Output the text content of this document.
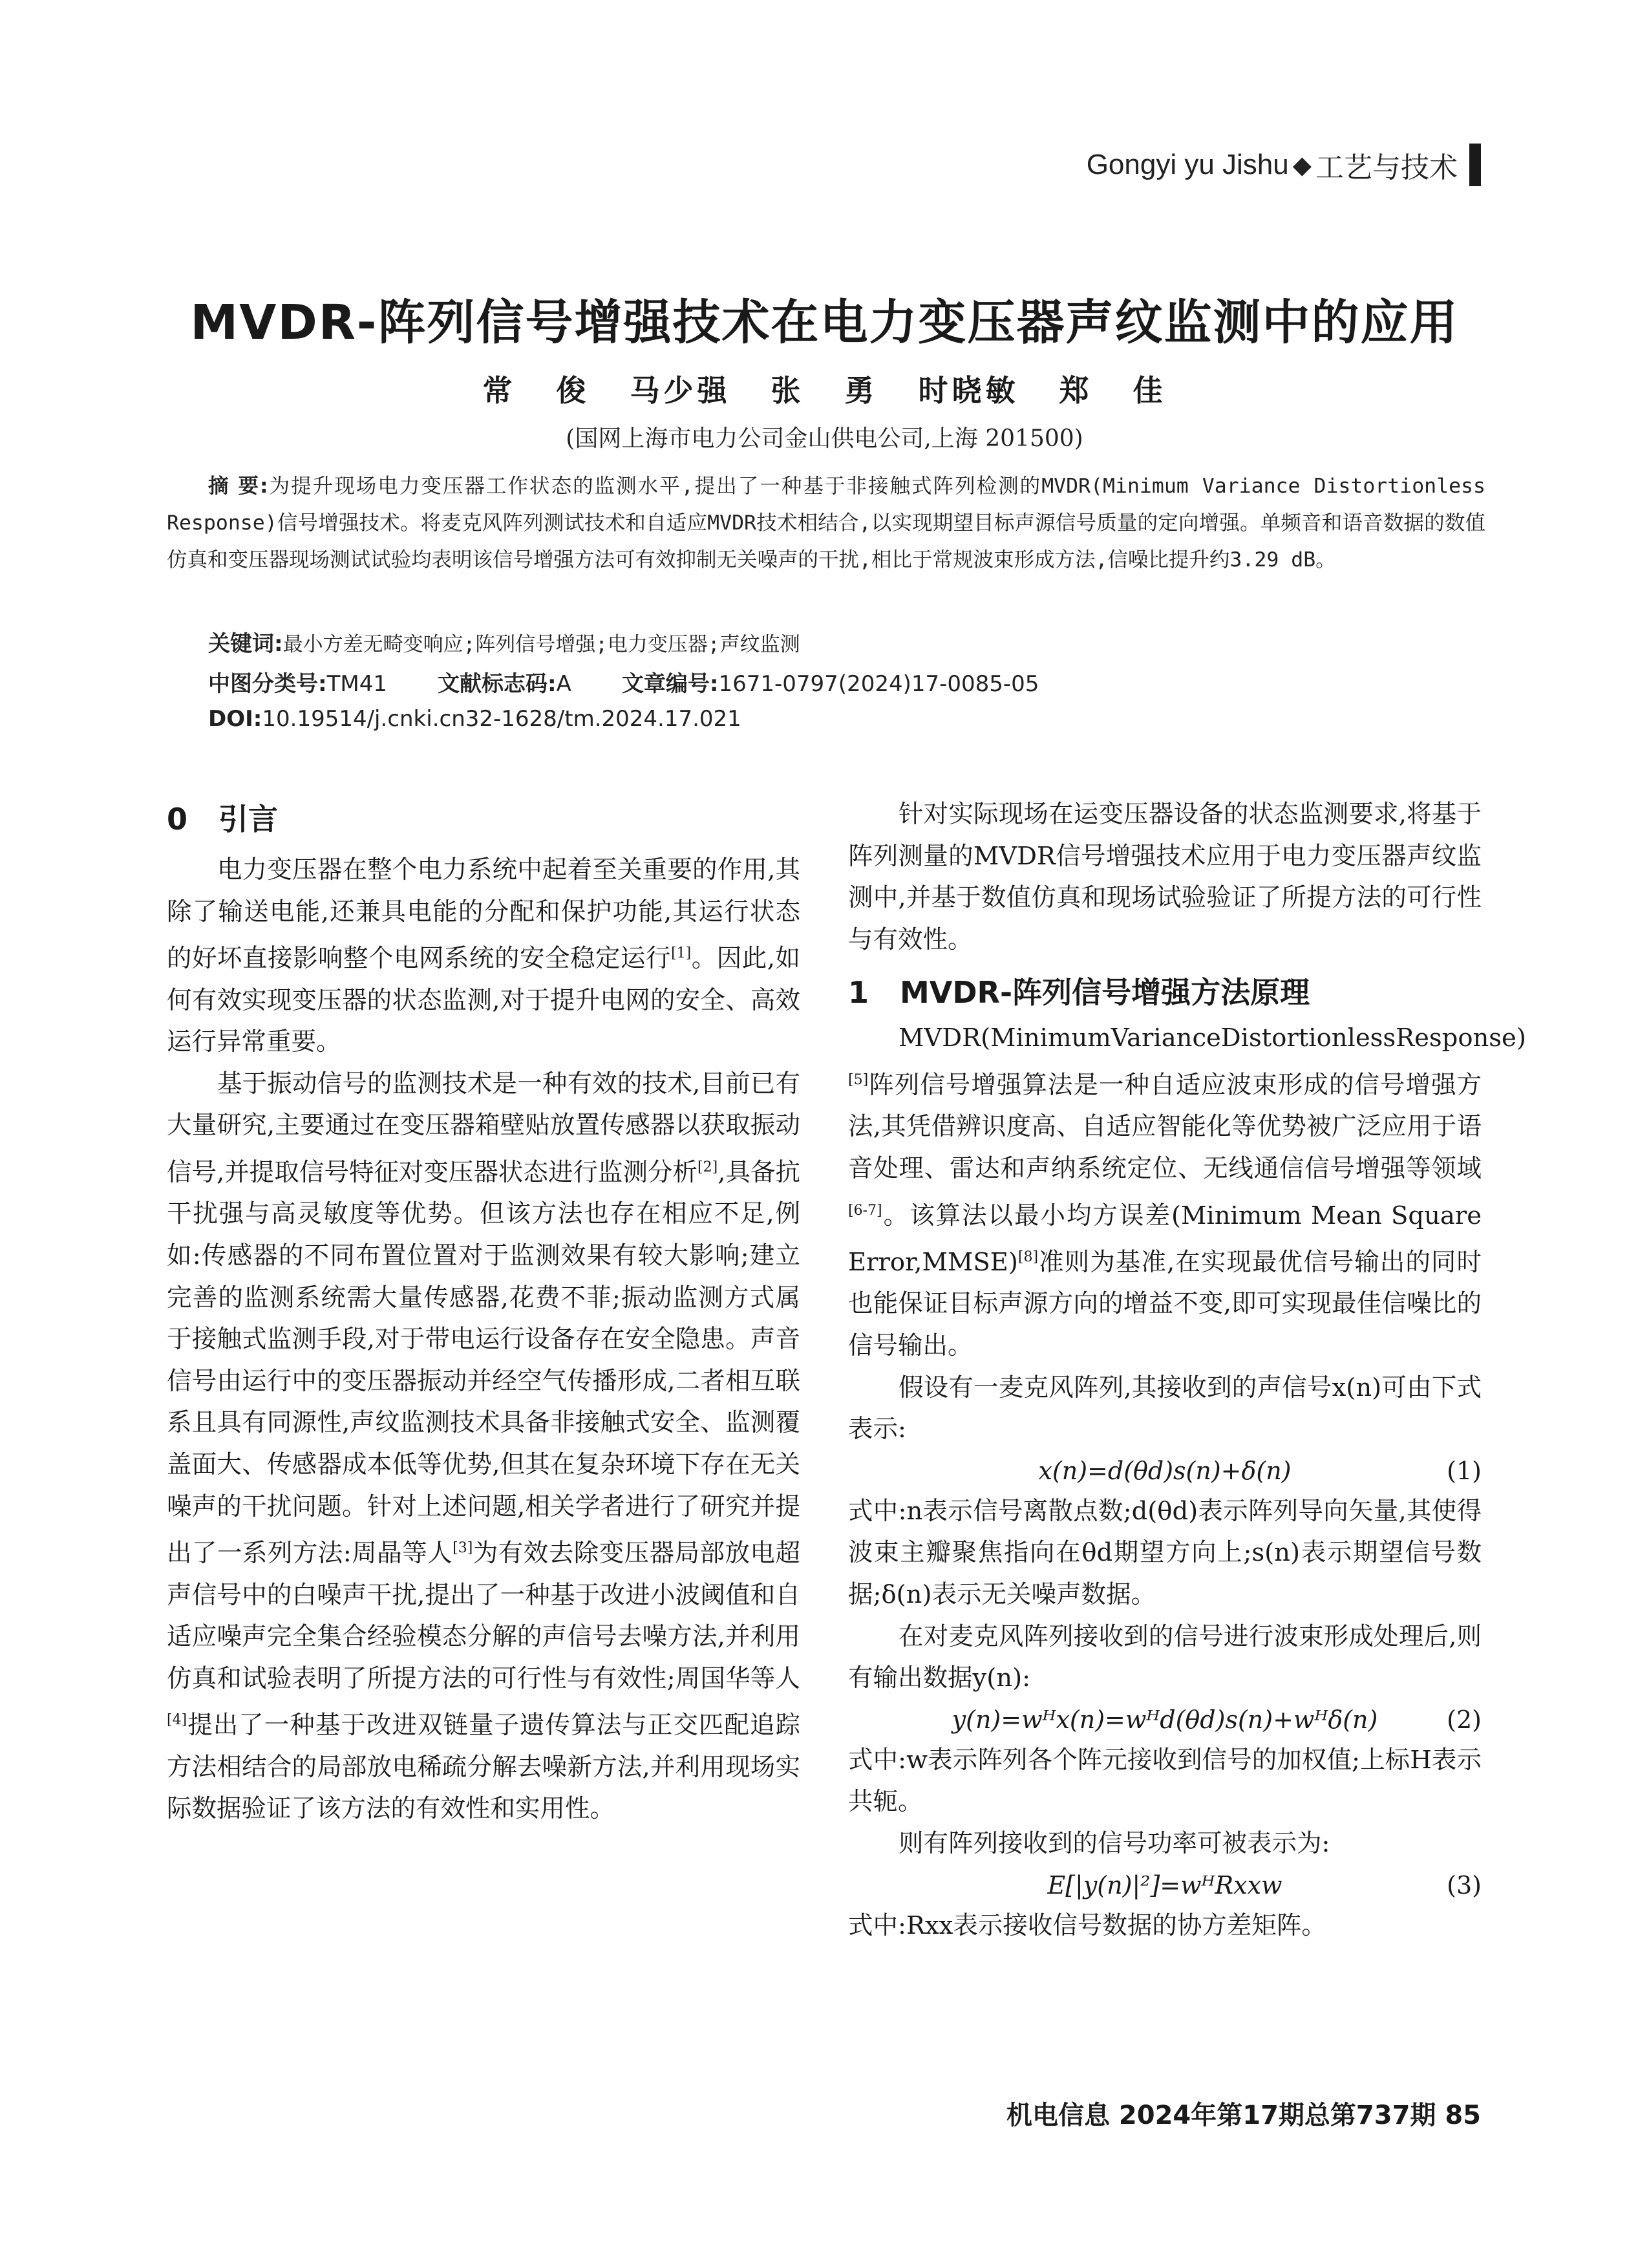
Gongyi yu Jishu ◆ 工艺与技术
MVDR-阵列信号增强技术在电力变压器声纹监测中的应用
常 俊 马少强 张 勇 时晓敏 郑 佳
(国网上海市电力公司金山供电公司,上海 201500)
摘 要:为提升现场电力变压器工作状态的监测水平,提出了一种基于非接触式阵列检测的MVDR(Minimum Variance Distortionless Response)信号增强技术。将麦克风阵列测试技术和自适应MVDR技术相结合,以实现期望目标声源信号质量的定向增强。单频音和语音数据的数值仿真和变压器现场测试试验均表明该信号增强方法可有效抑制无关噪声的干扰,相比于常规波束形成方法,信噪比提升约3.29 dB。
关键词:最小方差无畸变响应;阵列信号增强;电力变压器;声纹监测
中图分类号:TM41 文献标志码:A 文章编号:1671-0797(2024)17-0085-05
DOI:10.19514/j.cnki.cn32-1628/tm.2024.17.021
0 引言

电力变压器在整个电力系统中起着至关重要的作用,其除了输送电能,还兼具电能的分配和保护功能,其运行状态的好坏直接影响整个电网系统的安全稳定运行[1]。因此,如何有效实现变压器的状态监测,对于提升电网的安全、高效运行异常重要。

基于振动信号的监测技术是一种有效的技术,目前已有大量研究,主要通过在变压器箱壁贴放置传感器以获取振动信号,并提取信号特征对变压器状态进行监测分析[2],具备抗干扰强与高灵敏度等优势。但该方法也存在相应不足,例如:传感器的不同布置位置对于监测效果有较大影响;建立完善的监测系统需大量传感器,花费不菲;振动监测方式属于接触式监测手段,对于带电运行设备存在安全隐患。声音信号由运行中的变压器振动并经空气传播形成,二者相互联系且具有同源性,声纹监测技术具备非接触式安全、监测覆盖面大、传感器成本低等优势,但其在复杂环境下存在无关噪声的干扰问题。针对上述问题,相关学者进行了研究并提出了一系列方法:周晶等人[3]为有效去除变压器局部放电超声信号中的白噪声干扰,提出了一种基于改进小波阈值和自适应噪声完全集合经验模态分解的声信号去噪方法,并利用仿真和试验表明了所提方法的可行性与有效性;周国华等人[4]提出了一种基于改进双链量子遗传算法与正交匹配追踪方法相结合的局部放电稀疏分解去噪新方法,并利用现场实际数据验证了该方法的有效性和实用性。

针对实际现场在运变压器设备的状态监测要求,将基于阵列测量的MVDR信号增强技术应用于电力变压器声纹监测中,并基于数值仿真和现场试验验证了所提方法的可行性与有效性。

1 MVDR-阵列信号增强方法原理

MVDR(MinimumVarianceDistortionlessResponse)[5]阵列信号增强算法是一种自适应波束形成的信号增强方法,其凭借辨识度高、自适应智能化等优势被广泛应用于语音处理、雷达和声纳系统定位、无线通信信号增强等领域[6-7]。该算法以最小均方误差(Minimum Mean Square Error,MMSE)[8]准则为基准,在实现最优信号输出的同时也能保证目标声源方向的增益不变,即可实现最佳信噪比的信号输出。

假设有一麦克风阵列,其接收到的声信号x(n)可由下式表示:

x(n)=d(θd)s(n)+δ(n)	(1)

式中:n表示信号离散点数;d(θd)表示阵列导向矢量,其使得波束主瓣聚焦指向在θd期望方向上;s(n)表示期望信号数据;δ(n)表示无关噪声数据。

在对麦克风阵列接收到的信号进行波束形成处理后,则有输出数据y(n):

y(n)=wᴴx(n)=wᴴd(θd)s(n)+wᴴδ(n)	(2)

式中:w表示阵列各个阵元接收到信号的加权值;上标H表示共轭。

则有阵列接收到的信号功率可被表示为:

E[|y(n)|²]=wᴴRxxw	(3)

式中:Rxx表示接收信号数据的协方差矩阵。

机电信息 2024年第17期总第737期 85
